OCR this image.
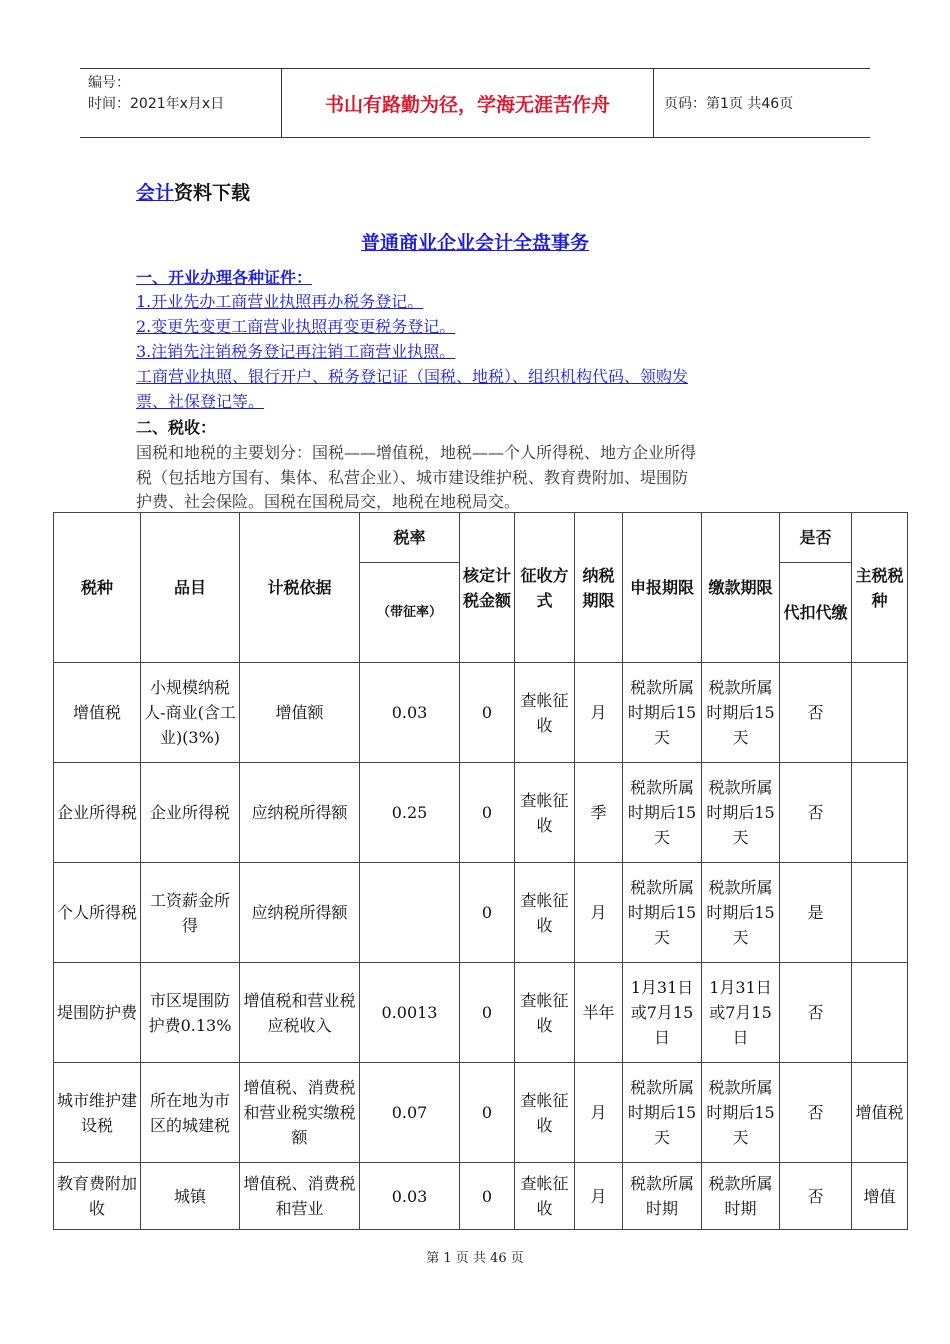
编号：
时间：2021年x月x日	书山有路勤为径，学海无涯苦作舟	页码：第1页 共46页
会计资料下载
普通商业企业会计全盘事务
一、开业办理各种证件：
1.开业先办工商营业执照再办税务登记。
2.变更先变更工商营业执照再变更税务登记。
3.注销先注销税务登记再注销工商营业执照。
工商营业执照、银行开户、税务登记证（国税、地税）、组织机构代码、领购发
票、社保登记等。
二、税收：
国税和地税的主要划分：国税——增值税，地税——个人所得税、地方企业所得
税（包括地方国有、集体、私营企业）、城市建设维护税、教育费附加、堤围防
护费、社会保险。国税在国税局交，地税在地税局交。
税种	品目	计税依据	税率	核定计税金额	征收方式	纳税期限	申报期限	缴款期限	是否	主税税种
			（带征率）						代扣代缴	
增值税	小规模纳税人-商业(含工业)(3%)	增值额	0.03	0	查帐征收	月	税款所属时期后15天	税款所属时期后15天	否	
企业所得税	企业所得税	应纳税所得额	0.25	0	查帐征收	季	税款所属时期后15天	税款所属时期后15天	否	
个人所得税	工资薪金所得	应纳税所得额		0	查帐征收	月	税款所属时期后15天	税款所属时期后15天	是	
堤围防护费	市区堤围防护费0.13%	增值税和营业税应税收入	0.0013	0	查帐征收	半年	1月31日或7月15日	1月31日或7月15日	否	
城市维护建设税	所在地为市区的城建税	增值税、消费税和营业税实缴税额	0.07	0	查帐征收	月	税款所属时期后15天	税款所属时期后15天	否	增值税
教育费附加收	城镇	增值税、消费税和营业	0.03	0	查帐征收	月	税款所属时期	税款所属时期	否	增值
第 1 页 共 46 页
